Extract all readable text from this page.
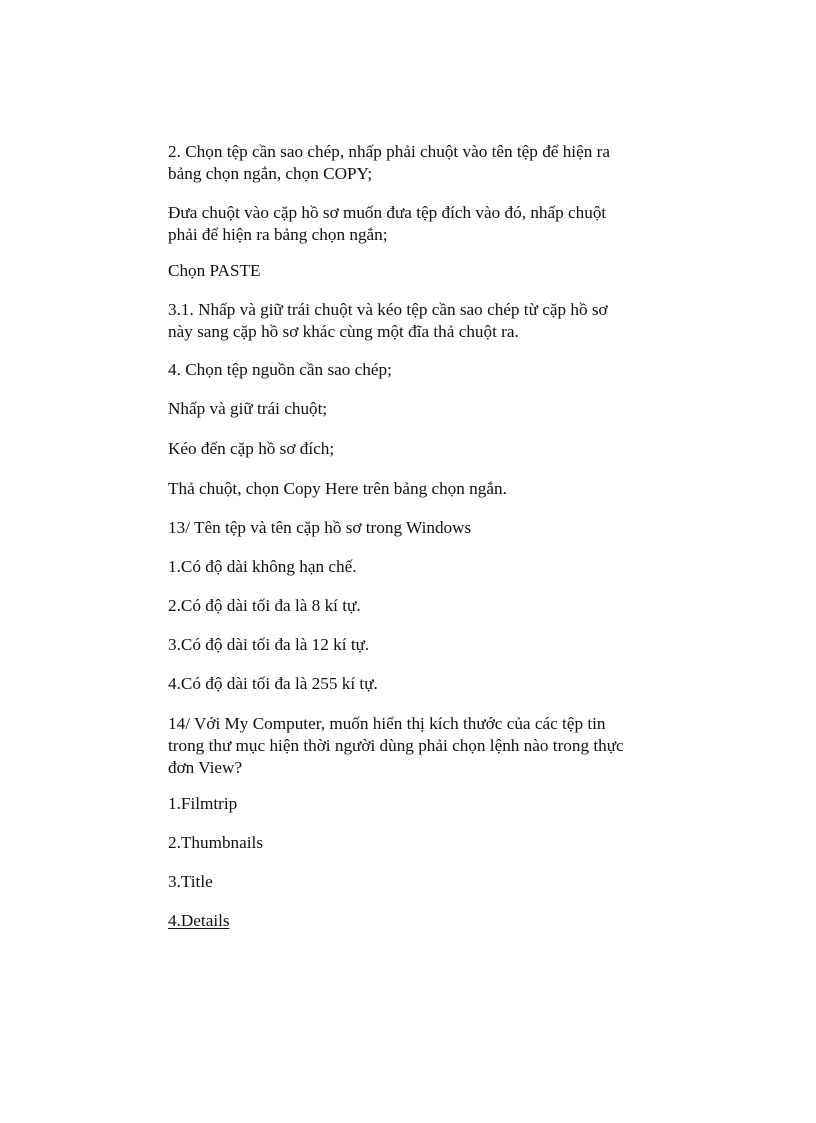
2. Chọn tệp cần sao chép, nhấp phải chuột vào tên tệp để hiện ra
bảng chọn ngắn, chọn COPY;

Đưa chuột vào cặp hồ sơ muốn đưa tệp đích vào đó, nhấp chuột
phải để hiện ra bảng chọn ngắn;

Chọn PASTE

3.1. Nhấp và giữ trái chuột và kéo tệp cần sao chép từ cặp hồ sơ
này sang cặp hồ sơ khác cùng một đĩa thả chuột ra.

4. Chọn tệp nguồn cần sao chép;

Nhấp và giữ trái chuột;

Kéo đến cặp hồ sơ đích;

Thả chuột, chọn Copy Here trên bảng chọn ngắn.

13/ Tên tệp và tên cặp hồ sơ trong Windows

1.Có độ dài không hạn chế.

2.Có độ dài tối đa là 8 kí tự.

3.Có độ dài tối đa là 12 kí tự.

4.Có độ dài tối đa là 255 kí tự.

14/ Với My Computer, muốn hiển thị kích thước của các tệp tin
trong thư mục hiện thời người dùng phải chọn lệnh nào trong thực
đơn View?

1.Filmtrip

2.Thumbnails

3.Title

4.Details
